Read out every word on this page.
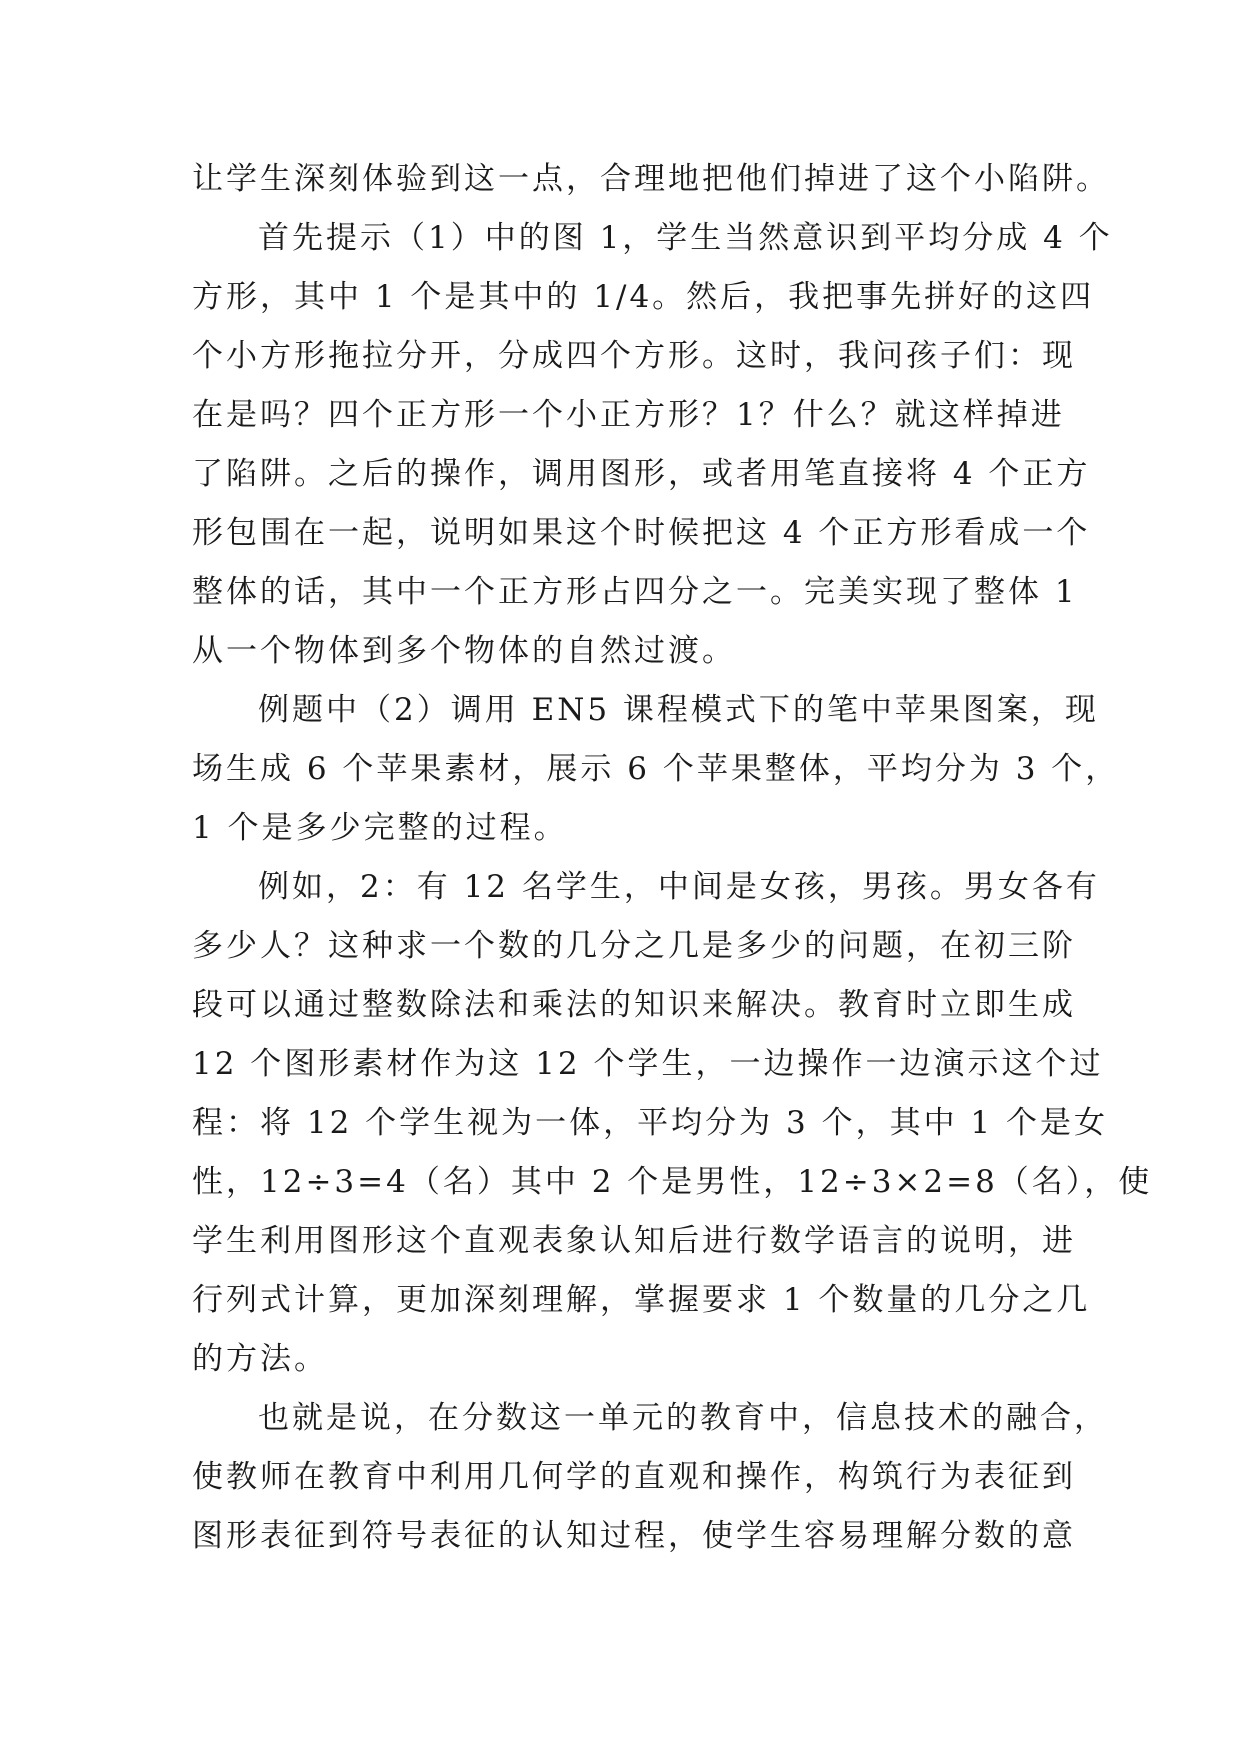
让学生深刻体验到这一点，合理地把他们掉进了这个小陷阱。
首先提示（1）中的图 1，学生当然意识到平均分成 4 个
方形，其中 1 个是其中的 1/4。然后，我把事先拼好的这四
个小方形拖拉分开，分成四个方形。这时，我问孩子们：现
在是吗？四个正方形一个小正方形？1？什么？就这样掉进
了陷阱。之后的操作，调用图形，或者用笔直接将 4 个正方
形包围在一起，说明如果这个时候把这 4 个正方形看成一个
整体的话，其中一个正方形占四分之一。完美实现了整体 1
从一个物体到多个物体的自然过渡。
例题中（2）调用 EN5 课程模式下的笔中苹果图案，现
场生成 6 个苹果素材，展示 6 个苹果整体，平均分为 3 个，
1 个是多少完整的过程。
例如，2：有 12 名学生，中间是女孩，男孩。男女各有
多少人？这种求一个数的几分之几是多少的问题，在初三阶
段可以通过整数除法和乘法的知识来解决。教育时立即生成
12 个图形素材作为这 12 个学生，一边操作一边演示这个过
程：将 12 个学生视为一体，平均分为 3 个，其中 1 个是女
性，12÷3=4（名）其中 2 个是男性，12÷3×2=8（名），使
学生利用图形这个直观表象认知后进行数学语言的说明，进
行列式计算，更加深刻理解，掌握要求 1 个数量的几分之几
的方法。
也就是说，在分数这一单元的教育中，信息技术的融合，
使教师在教育中利用几何学的直观和操作，构筑行为表征到
图形表征到符号表征的认知过程，使学生容易理解分数的意
